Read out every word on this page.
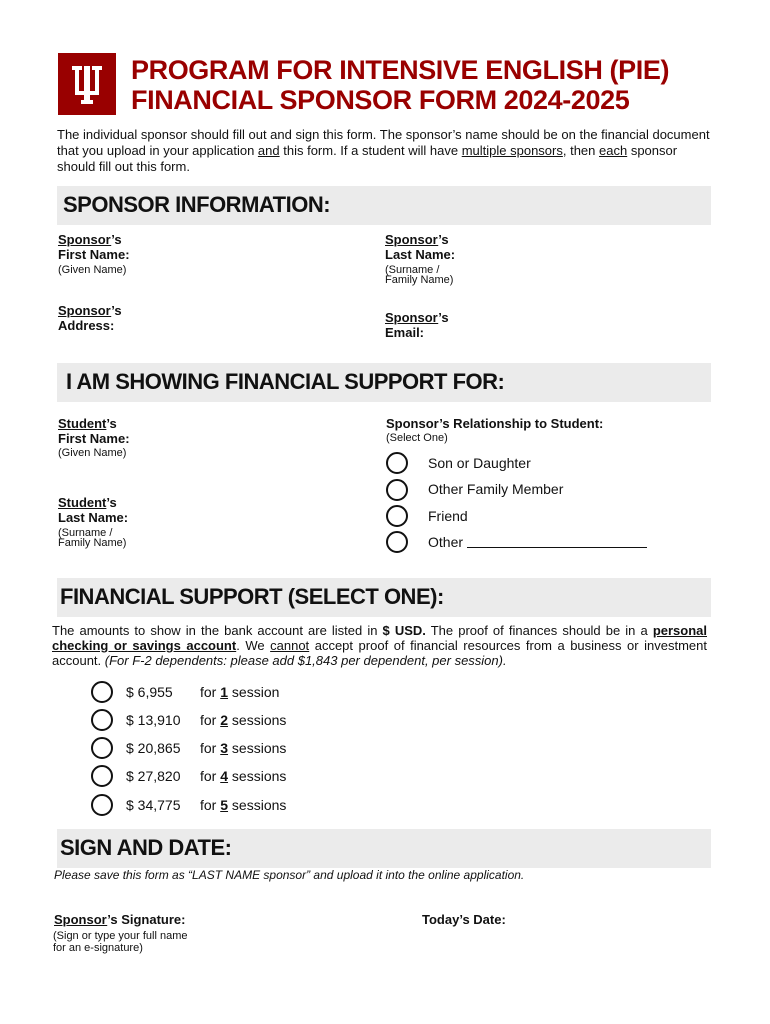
PROGRAM FOR INTENSIVE ENGLISH (PIE)
FINANCIAL SPONSOR FORM 2024-2025
The individual sponsor should fill out and sign this form. The sponsor’s name should be on the financial document that you upload in your application and this form. If a student will have multiple sponsors, then each sponsor should fill out this form.
SPONSOR INFORMATION:
Sponsor’s
First Name:
(Given Name)
Sponsor’s
Last Name:
(Surname /
Family Name)
Sponsor’s
Address:
Sponsor’s
Email:
I AM SHOWING FINANCIAL SUPPORT FOR:
Student’s
First Name:
(Given Name)
Student’s
Last Name:
(Surname /
Family Name)
Sponsor’s Relationship to Student:
(Select One)
Son or Daughter
Other Family Member
Friend
Other
FINANCIAL SUPPORT (SELECT ONE):
The amounts to show in the bank account are listed in $ USD. The proof of finances should be in a personal checking or savings account. We cannot accept proof of financial resources from a business or investment account. (For F-2 dependents: please add $1,843 per dependent, per session).
$ 6,955 for 1 session
$ 13,910 for 2 sessions
$ 20,865 for 3 sessions
$ 27,820 for 4 sessions
$ 34,775 for 5 sessions
SIGN AND DATE:
Please save this form as “LAST NAME sponsor” and upload it into the online application.
Sponsor’s Signature:
(Sign or type your full name
for an e-signature)
Today’s Date:
